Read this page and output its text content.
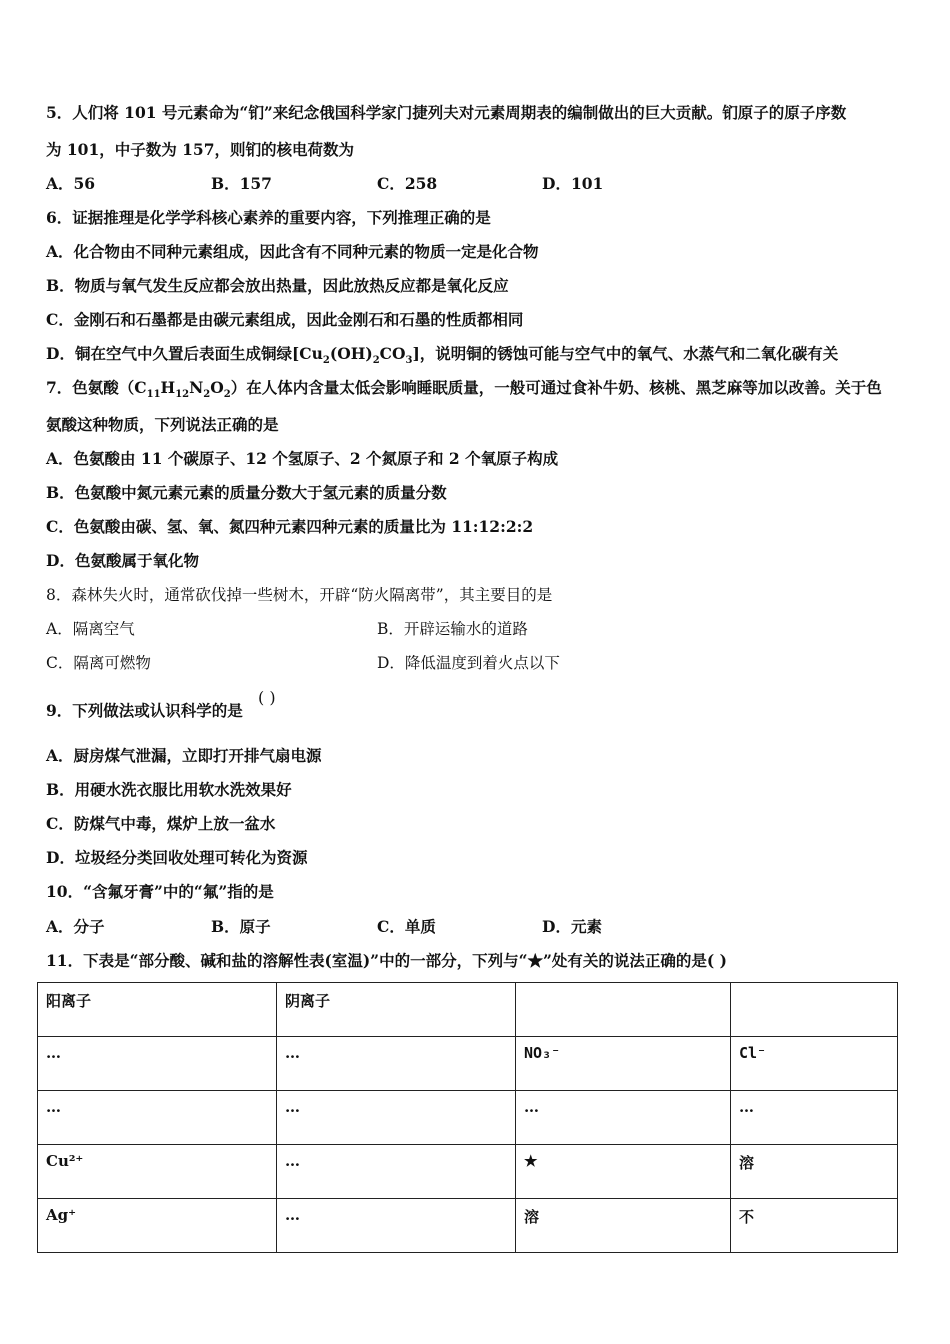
5．人们将 101 号元素命为“钔”来纪念俄国科学家门捷列夫对元素周期表的编制做出的巨大贡献。钔原子的原子序数
为 101，中子数为 157，则钔的核电荷数为
A．56	B．157	C．258	D．101
6．证据推理是化学学科核心素养的重要内容，下列推理正确的是
A．化合物由不同种元素组成，因此含有不同种元素的物质一定是化合物
B．物质与氧气发生反应都会放出热量，因此放热反应都是氧化反应
C．金刚石和石墨都是由碳元素组成，因此金刚石和石墨的性质都相同
D．铜在空气中久置后表面生成铜绿$[Cu_2(OH)_2CO_3]$，说明铜的锈蚀可能与空气中的氧气、水蒸气和二氧化碳有关
7．色氨酸$(C_{11}H_{12}N_2O_2)$在人体内含量太低会影响睡眠质量，一般可通过食补牛奶、核桃、黑芝麻等加以改善。关于色
氨酸这种物质，下列说法正确的是
A．色氨酸由 11 个碳原子、12 个氢原子、2 个氮原子和 2 个氧原子构成
B．色氨酸中氮元素元素的质量分数大于氢元素的质量分数
C．色氨酸由碳、氢、氧、氮四种元素四种元素的质量比为 11:12:2:2
D．色氨酸属于氧化物
8．森林失火时，通常砍伐掉一些树木，开辟“防火隔离带”，其主要目的是
A．隔离空气	B．开辟运输水的道路
C．隔离可燃物	D．降低温度到着火点以下
9．下列做法或认识科学的是
( )
A．厨房煤气泄漏，立即打开排气扇电源
B．用硬水洗衣服比用软水洗效果好
C．防煤气中毒，煤炉上放一盆水
D．垃圾经分类回收处理可转化为资源
10．“含氟牙膏”中的“氟”指的是
A．分子	B．原子	C．单质	D．元素
11．下表是“部分酸、碱和盐的溶解性表(室温)”中的一部分，下列与“★”处有关的说法正确的是( )
阳离子	阴离子		
…	…	NO₃⁻	Cl⁻
…	…	…	…
Cu²⁺	…	★	溶
Ag⁺	…	溶	不
